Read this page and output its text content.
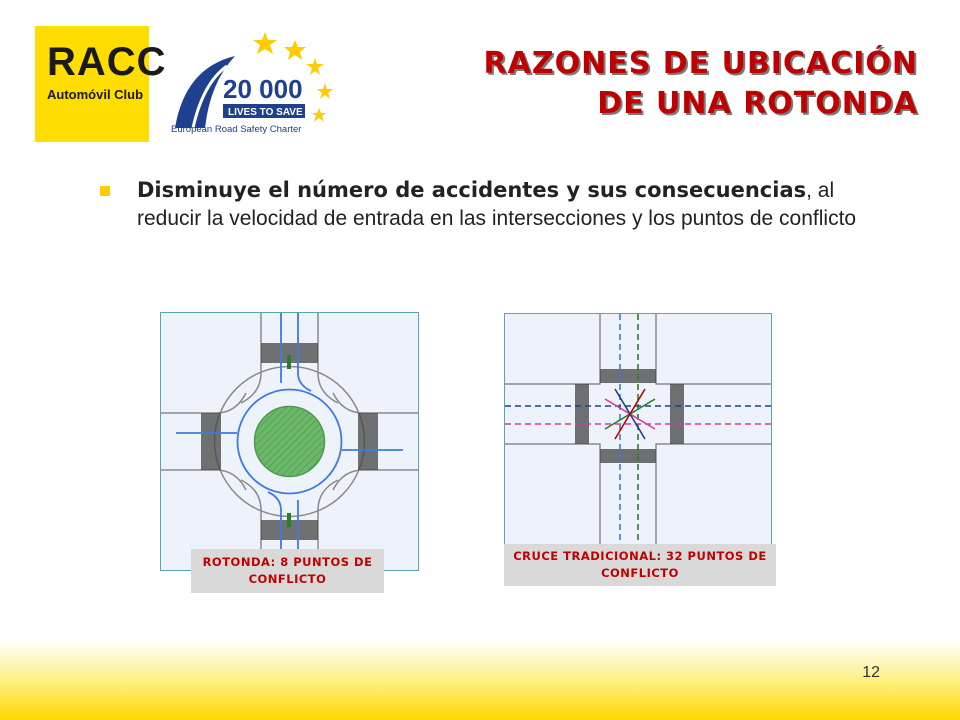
RACC
Automóvil Club	20 000
LIVES TO SAVE
European Road Safety Charter
RAZONES DE UBICACIÓN
DE UNA ROTONDA
Disminuye el número de accidentes y sus consecuencias, al reducir la velocidad de entrada en las intersecciones y los puntos de conflicto
ROTONDA: 8 PUNTOS DE CONFLICTO
CRUCE TRADICIONAL: 32 PUNTOS DE CONFLICTO
12
